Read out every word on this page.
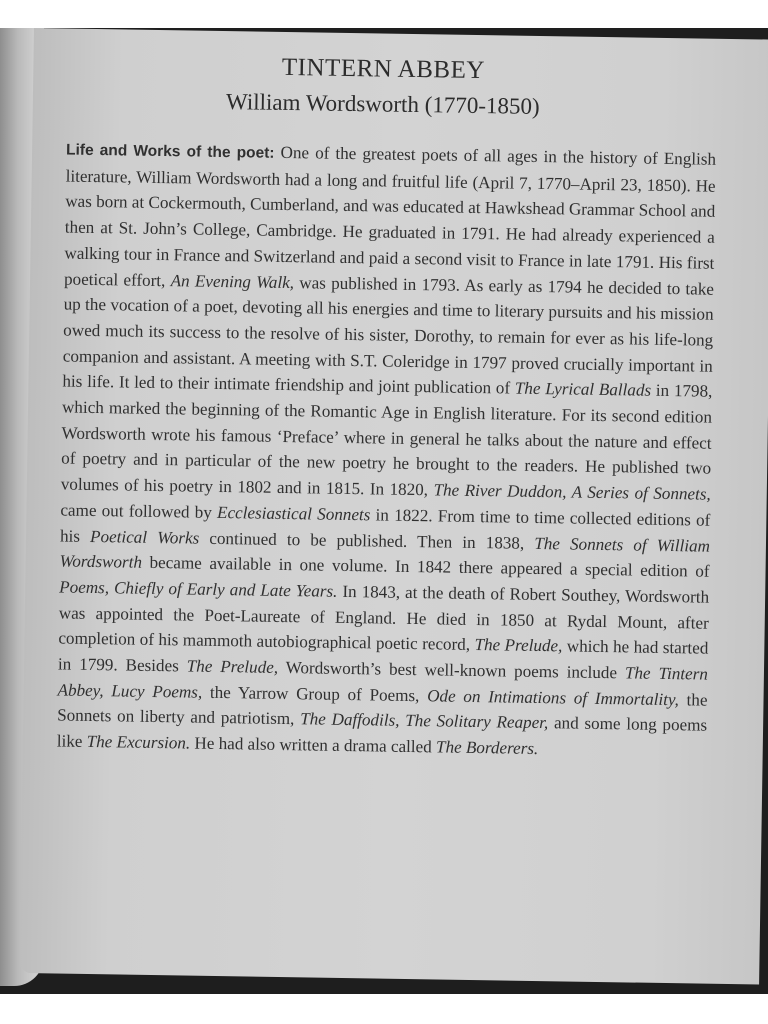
TINTERN ABBEY
William Wordsworth (1770-1850)

Life and Works of the poet: One of the greatest poets of all ages in the history of English literature, William Wordsworth had a long and fruitful life (April 7, 1770–April 23, 1850). He was born at Cockermouth, Cumberland, and was educated at Hawkshead Grammar School and then at St. John’s College, Cambridge. He graduated in 1791. He had already experienced a walking tour in France and Switzerland and paid a second visit to France in late 1791. His first poetical effort, An Evening Walk, was published in 1793. As early as 1794 he decided to take up the vocation of a poet, devoting all his energies and time to literary pursuits and his mission owed much its success to the resolve of his sister, Dorothy, to remain for ever as his life-long companion and assistant. A meeting with S.T. Coleridge in 1797 proved crucially important in his life. It led to their intimate friendship and joint publication of The Lyrical Ballads in 1798, which marked the beginning of the Romantic Age in English literature. For its second edition Wordsworth wrote his famous ‘Preface’ where in general he talks about the nature and effect of poetry and in particular of the new poetry he brought to the readers. He published two volumes of his poetry in 1802 and in 1815. In 1820, The River Duddon, A Series of Sonnets, came out followed by Ecclesiastical Sonnets in 1822. From time to time collected editions of his Poetical Works continued to be published. Then in 1838, The Sonnets of William Wordsworth became available in one volume. In 1842 there appeared a special edition of Poems, Chiefly of Early and Late Years. In 1843, at the death of Robert Southey, Wordsworth was appointed the Poet-Laureate of England. He died in 1850 at Rydal Mount, after completion of his mammoth autobiographical poetic record, The Prelude, which he had started in 1799. Besides The Prelude, Wordsworth’s best well-known poems include The Tintern Abbey, Lucy Poems, the Yarrow Group of Poems, Ode on Intimations of Immortality, the Sonnets on liberty and patriotism, The Daffodils, The Solitary Reaper, and some long poems like The Excursion. He had also written a drama called The Borderers.
